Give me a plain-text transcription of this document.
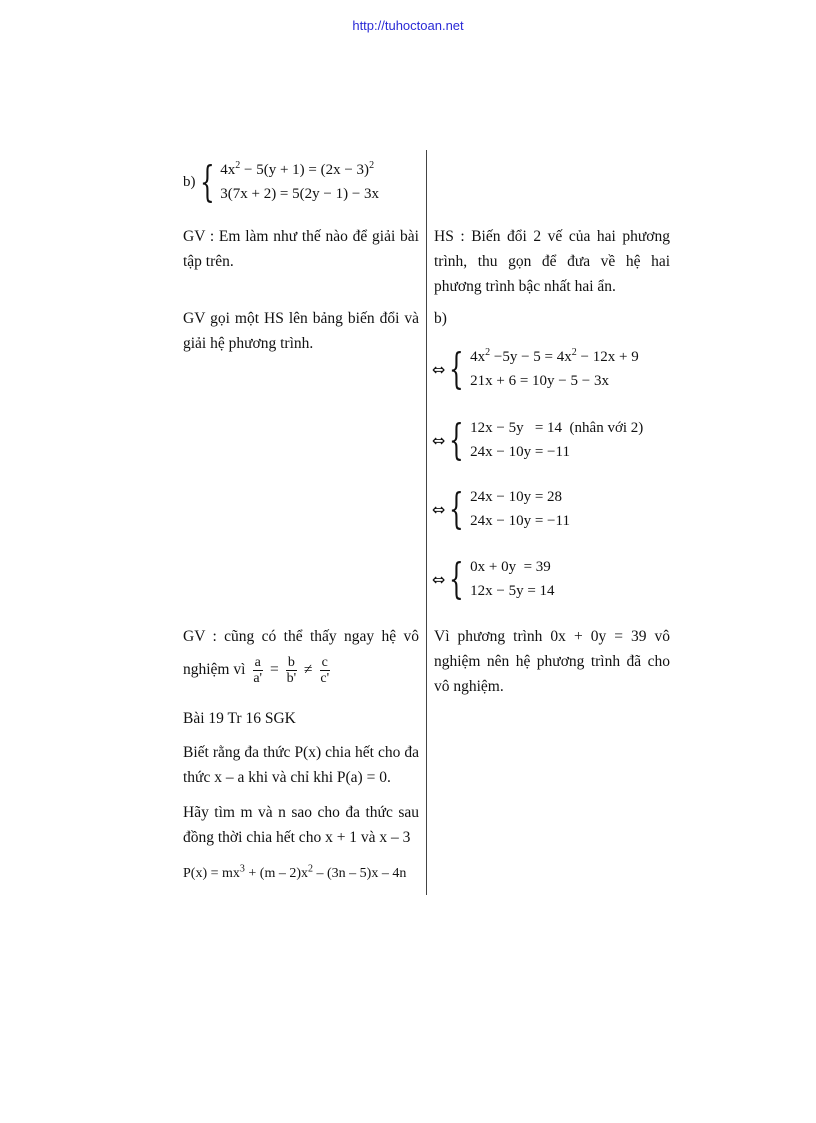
http://tuhoctoan.net
b) { $4x^2 - 5(y + 1) = (2x - 3)^2$
3(7x + 2) = 5(2y − 1) − 3x
GV : Em làm như thế nào để giải bài tập trên.
GV gọi một HS lên bảng biến đổi và giải hệ phương trình.
GV : cũng có thể thấy ngay hệ vô
nghiệm vì $\frac{a}{a'} = \frac{b}{b'} \ne \frac{c}{c'}$
Bài 19 Tr 16 SGK
Biết rằng đa thức P(x) chia hết cho đa thức x – a khi và chỉ khi P(a) = 0.
Hãy tìm m và n sao cho đa thức sau đồng thời chia hết cho x + 1 và x – 3
$P(x) = mx^3 + (m - 2)x^2 - (3n - 5)x - 4n$
HS : Biến đổi 2 vế của hai phương trình, thu gọn để đưa về hệ hai phương trình bậc nhất hai ẩn.
b)
⇔ { $4x^2 -5y - 5 = 4x^2 - 12x + 9$
21x + 6 = 10y − 5 − 3x
⇔ { 12x − 5y   = 14  (nhân với 2)
24x − 10y = −11
⇔ { 24x − 10y = 28
24x − 10y = −11
⇔ { 0x + 0y  = 39
12x − 5y = 14
Vì phương trình 0x + 0y = 39 vô nghiệm nên hệ phương trình đã cho vô nghiệm.
